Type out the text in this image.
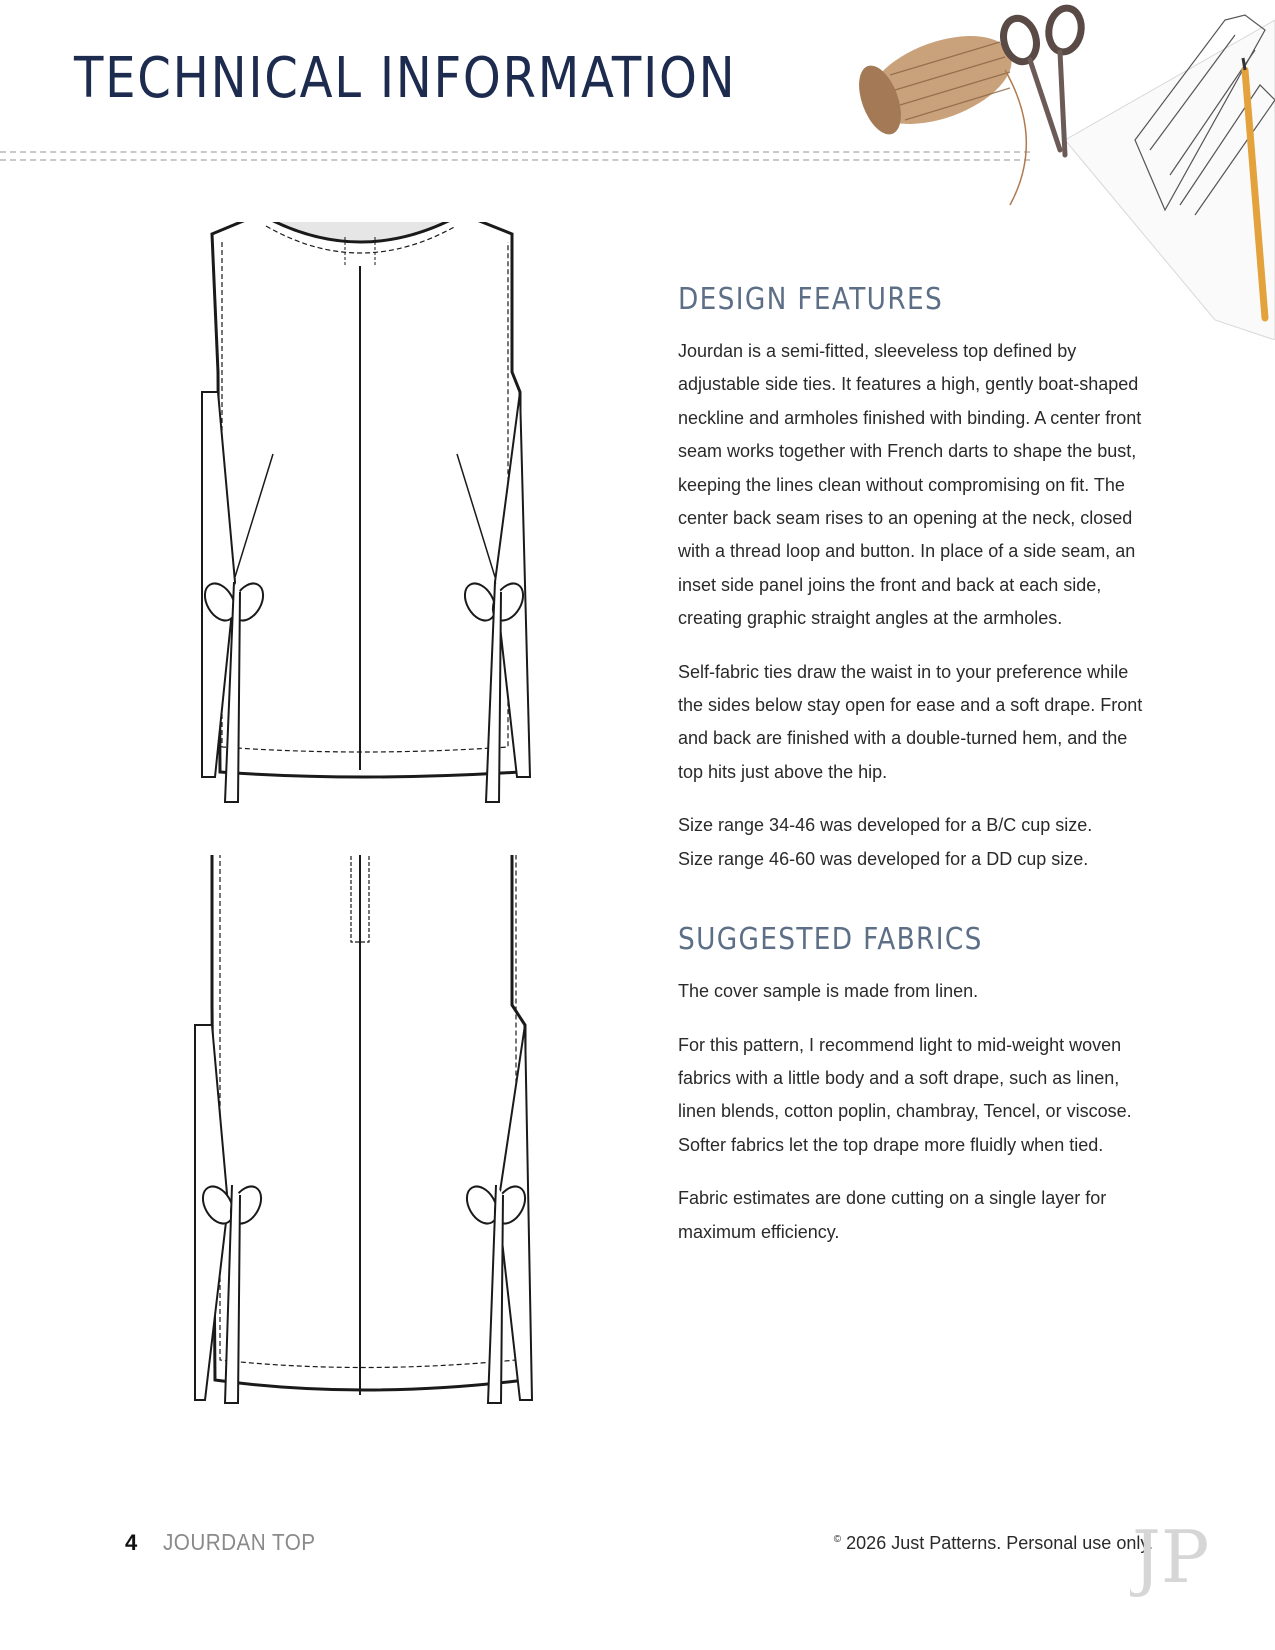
TECHNICAL INFORMATION
DESIGN FEATURES

Jourdan is a semi-fitted, sleeveless top defined by adjustable side ties. It features a high, gently boat-shaped neckline and armholes finished with binding. A center front seam works together with French darts to shape the bust, keeping the lines clean without compromising on fit. The center back seam rises to an opening at the neck, closed with a thread loop and button. In place of a side seam, an inset side panel joins the front and back at each side, creating graphic straight angles at the armholes.

Self-fabric ties draw the waist in to your preference while the sides below stay open for ease and a soft drape. Front and back are finished with a double-turned hem, and the top hits just above the hip.

Size range 34-46 was developed for a B/C cup size.
Size range 46-60 was developed for a DD cup size.

SUGGESTED FABRICS

The cover sample is made from linen.

For this pattern, I recommend light to mid-weight woven fabrics with a little body and a soft drape, such as linen, linen blends, cotton poplin, chambray, Tencel, or viscose. Softer fabrics let the top drape more fluidly when tied.

Fabric estimates are done cutting on a single layer for maximum efficiency.

4 JOURDAN TOP	© 2026 Just Patterns. Personal use only.
JP
